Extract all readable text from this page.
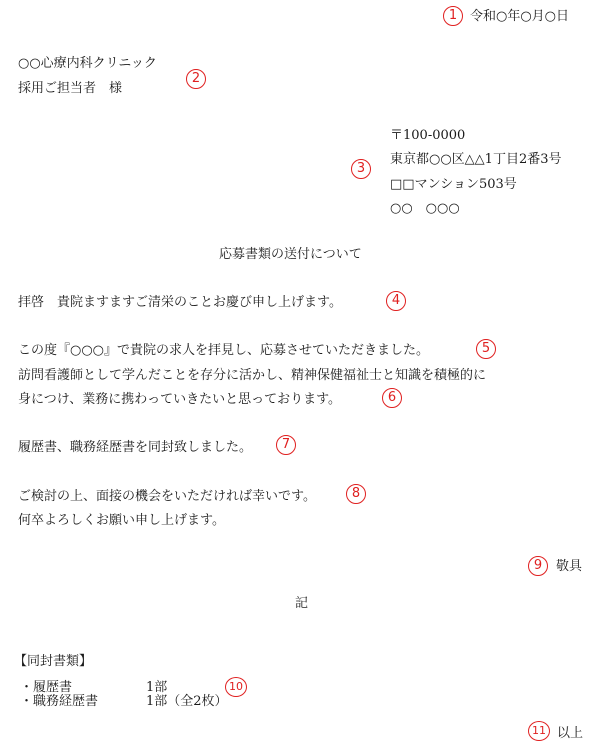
1 令和○年○月○日
○○心療内科クリニック
採用ご担当者　様
2
〒100-0000
東京都○○区△△1丁目2番3号
□□マンション503号
○○　○○○
3
応募書類の送付について
拝啓　貴院ますますご清栄のことお慶び申し上げます。	4
この度『○○○』で貴院の求人を拝見し、応募させていただきました。	5
訪問看護師として学んだことを存分に活かし、精神保健福祉士と知識を積極的に
身につけ、業務に携わっていきたいと思っております。	6
履歴書、職務経歴書を同封致しました。	7
ご検討の上、面接の機会をいただければ幸いです。	8
何卒よろしくお願い申し上げます。
9	敬具
記
【同封書類】
・履歴書	1部
・職務経歴書	1部（全2枚）
10
11 以上
